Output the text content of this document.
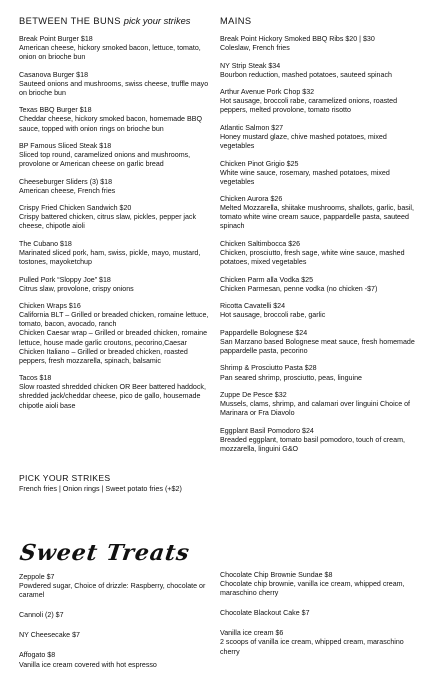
BETWEEN THE BUNS pick your strikes
Break Point Burger $18
American cheese, hickory smoked bacon, lettuce, tomato, onion on brioche bun
Casanova Burger $18
Sauteed onions and mushrooms, swiss cheese, truffle mayo on brioche bun
Texas BBQ Burger $18
Cheddar cheese, hickory smoked bacon, homemade BBQ sauce, topped with onion rings on brioche bun
BP Famous Sliced Steak $18
Sliced top round, caramelized onions and mushrooms, provolone or American cheese on garlic bread
Cheeseburger Sliders (3) $18
American cheese, French fries
Crispy Fried Chicken Sandwich $20
Crispy battered chicken, citrus slaw, pickles, pepper jack cheese, chipotle aioli
The Cubano $18
Marinated sliced pork, ham, swiss, pickle, mayo, mustard, tostones, mayoketchup
Pulled Pork “Sloppy Joe” $18
Citrus slaw, provolone, crispy onions
Chicken Wraps $16
California BLT – Grilled or breaded chicken, romaine lettuce, tomato, bacon, avocado, ranch
Chicken Caesar wrap – Grilled or breaded chicken, romaine lettuce, house made garlic croutons, pecorino,Caesar
Chicken Italiano – Grilled or breaded chicken, roasted peppers, fresh mozzarella, spinach, balsamic
Tacos $18
Slow roasted shredded chicken OR Beer battered haddock, shredded jack/cheddar cheese, pico de gallo, housemade chipotle aioli base
PICK YOUR STRIKES
French fries | Onion rings | Sweet potato fries (+$2)
MAINS
Break Point Hickory Smoked BBQ Ribs $20 | $30
Coleslaw, French fries
NY Strip Steak $34
Bourbon reduction, mashed potatoes, sauteed spinach
Arthur Avenue Pork Chop $32
Hot sausage, broccoli rabe, caramelized onions, roasted peppers, melted provolone, tomato risotto
Atlantic Salmon $27
Honey mustard glaze, chive mashed potatoes, mixed vegetables
Chicken Pinot Grigio $25
White wine sauce, rosemary, mashed potatoes, mixed vegetables
Chicken Aurora $26
Melted Mozzarella, shiitake mushrooms, shallots, garlic, basil, tomato white wine cream sauce, pappardelle pasta, sauteed spinach
Chicken Saltimbocca $26
Chicken, prosciutto, fresh sage, white wine sauce, mashed potatoes, mixed vegetables
Chicken Parm alla Vodka $25
Chicken Parmesan, penne vodka (no chicken -$7)
Ricotta Cavatelli $24
Hot sausage, broccoli rabe, garlic
Pappardelle Bolognese $24
San Marzano based Bolognese meat sauce, fresh homemade pappardelle pasta, pecorino
Shrimp & Prosciutto Pasta $28
Pan seared shrimp, prosciutto, peas, linguine
Zuppe De Pesce $32
Mussels, clams, shrimp, and calamari over linguini Choice of Marinara or Fra Diavolo
Eggplant Basil Pomodoro $24
Breaded eggplant, tomato basil pomodoro, touch of cream, mozzarella, linguini G&O
Sweet Treats
Zeppole $7
Powdered sugar, Choice of drizzle: Raspberry, chocolate or caramel
Cannoli (2) $7
NY Cheesecake $7
Affogato $8
Vanilla ice cream covered with hot espresso
Chocolate Chip Brownie Sundae $8
Chocolate chip brownie, vanilla ice cream, whipped cream, maraschino cherry
Chocolate Blackout Cake $7
Vanilla ice cream $6
2 scoops of vanilla ice cream, whipped cream, maraschino cherry
